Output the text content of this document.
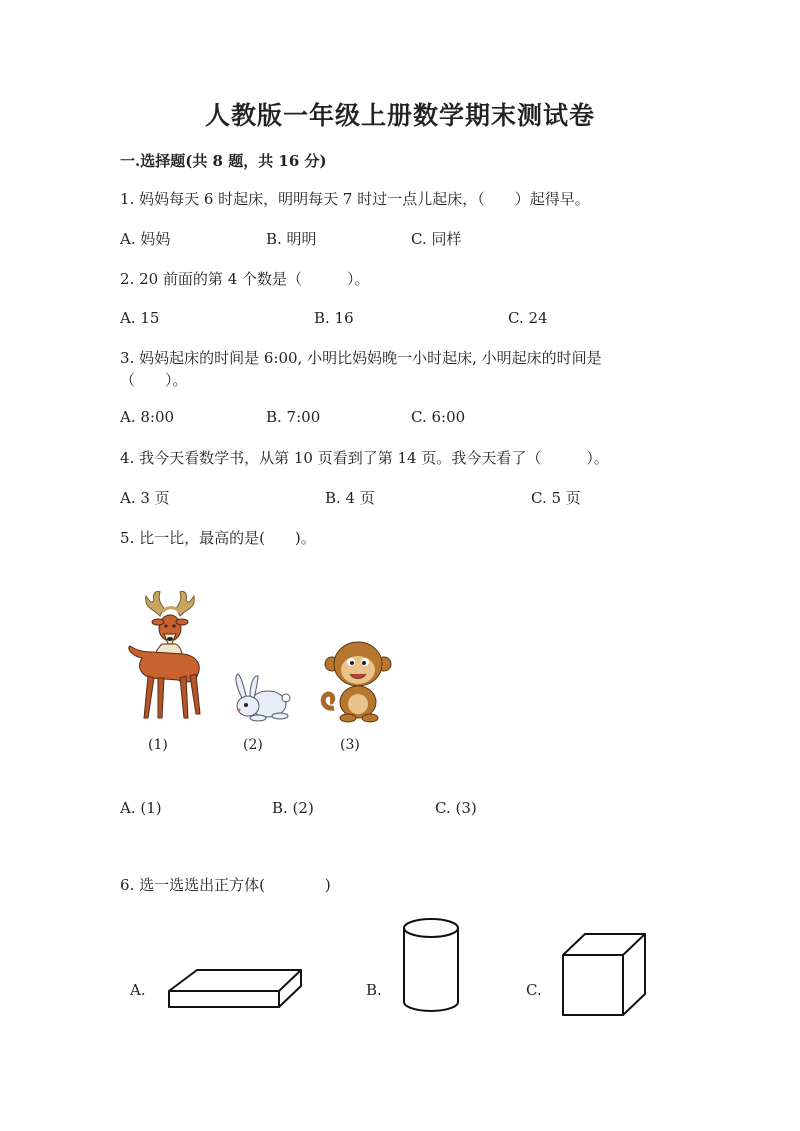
人教版一年级上册数学期末测试卷
一.选择题(共 8 题，共 16 分)
1. 妈妈每天 6 时起床，明明每天 7 时过一点儿起床，（　　）起得早。
A. 妈妈	B. 明明	C. 同样
2. 20 前面的第 4 个数是（　　　）。
A. 15	B. 16	C. 24
3. 妈妈起床的时间是 6:00, 小明比妈妈晚一小时起床, 小明起床的时间是
（　　）。
A. 8:00	B. 7:00	C. 6:00
4. 我今天看数学书，从第 10 页看到了第 14 页。我今天看了（　　　）。
A. 3 页	B. 4 页	C. 5 页
5. 比一比，最高的是(　　)。
(1)	(2)	(3)
A. (1)	B. (2)	C. (3)
6. 选一选选出正方体(　　　　)
A.	B.	C.
